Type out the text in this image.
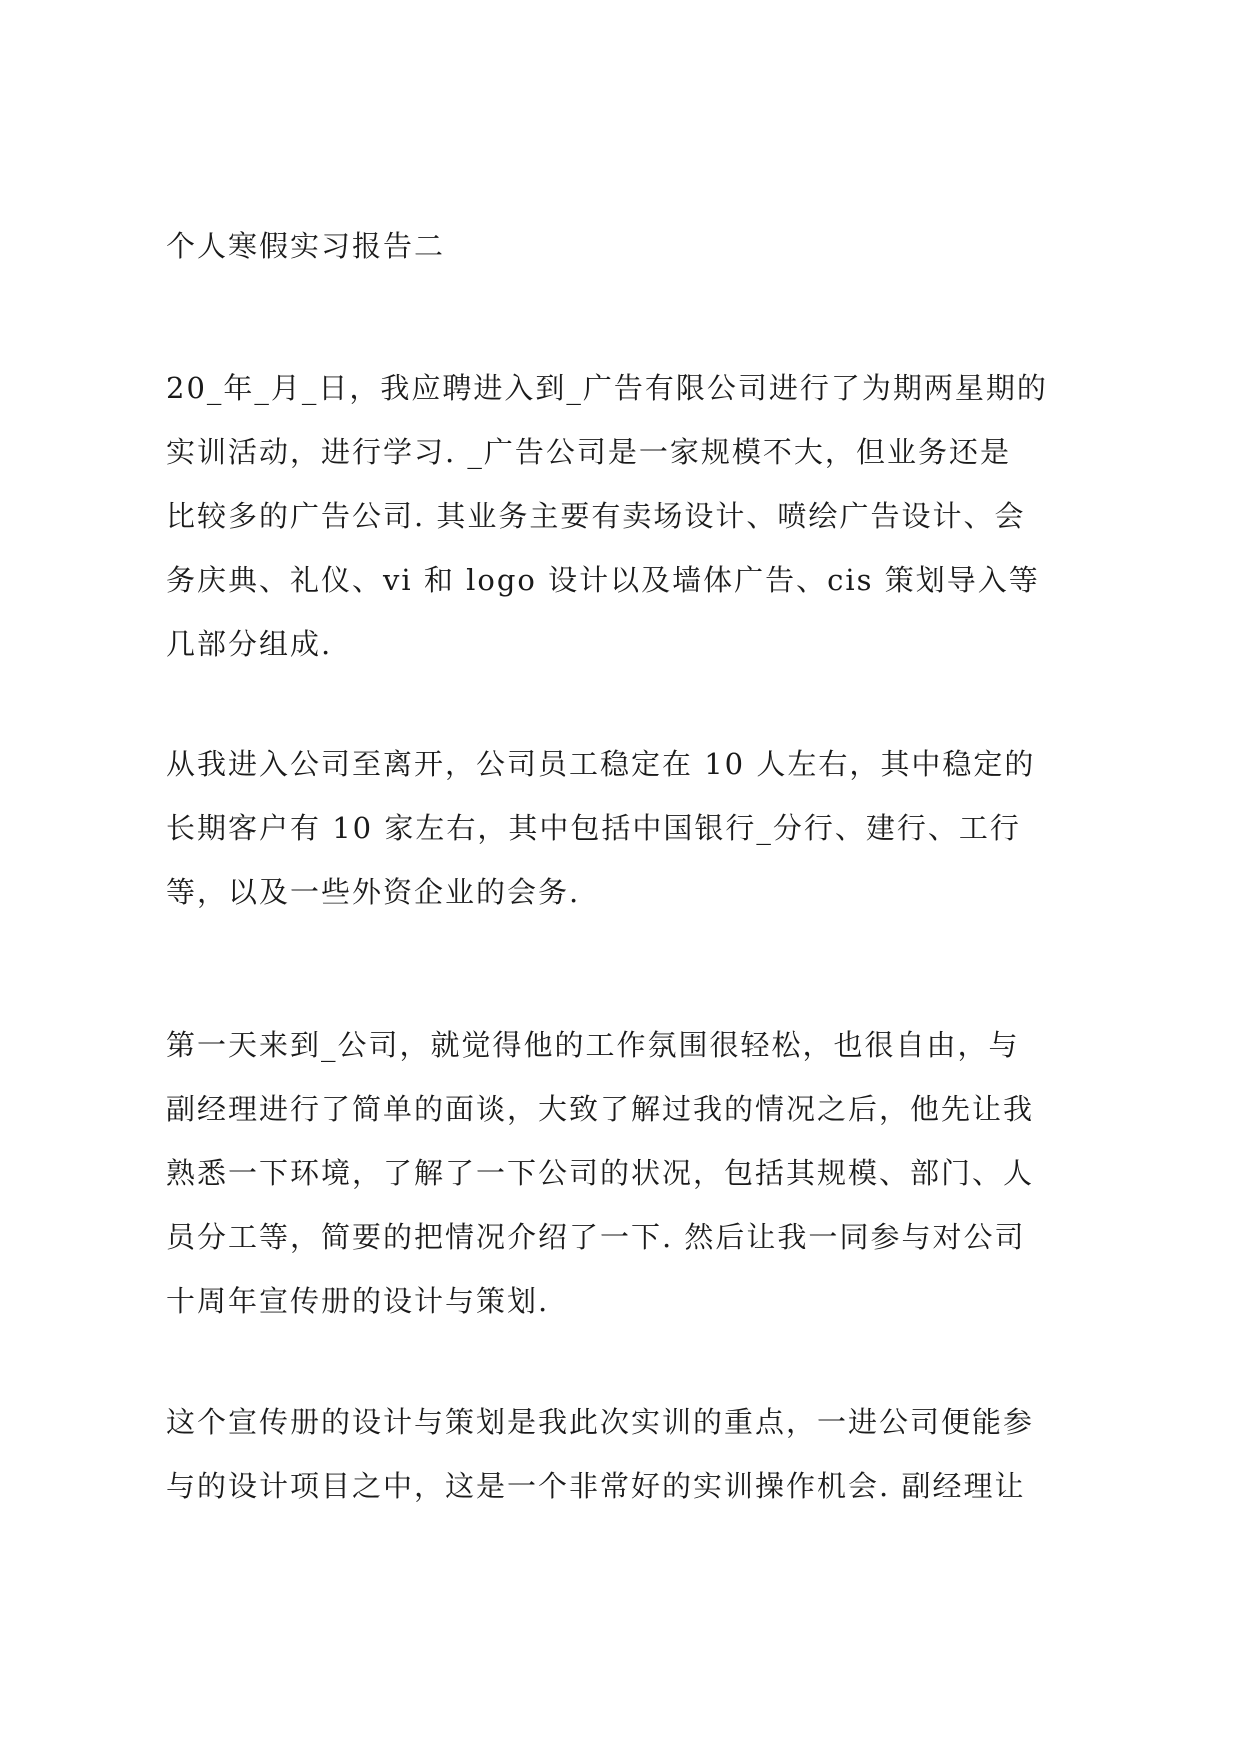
个人寒假实习报告二
20_年_月_日，我应聘进入到_广告有限公司进行了为期两星期的
实训活动，进行学习. _广告公司是一家规模不大，但业务还是
比较多的广告公司. 其业务主要有卖场设计、喷绘广告设计、会
务庆典、礼仪、vi 和 logo 设计以及墙体广告、cis 策划导入等
几部分组成.
从我进入公司至离开，公司员工稳定在 10 人左右，其中稳定的
长期客户有 10 家左右，其中包括中国银行_分行、建行、工行
等，以及一些外资企业的会务.
第一天来到_公司，就觉得他的工作氛围很轻松，也很自由，与
副经理进行了简单的面谈，大致了解过我的情况之后，他先让我
熟悉一下环境，了解了一下公司的状况，包括其规模、部门、人
员分工等，简要的把情况介绍了一下. 然后让我一同参与对公司
十周年宣传册的设计与策划.
这个宣传册的设计与策划是我此次实训的重点，一进公司便能参
与的设计项目之中，这是一个非常好的实训操作机会. 副经理让
